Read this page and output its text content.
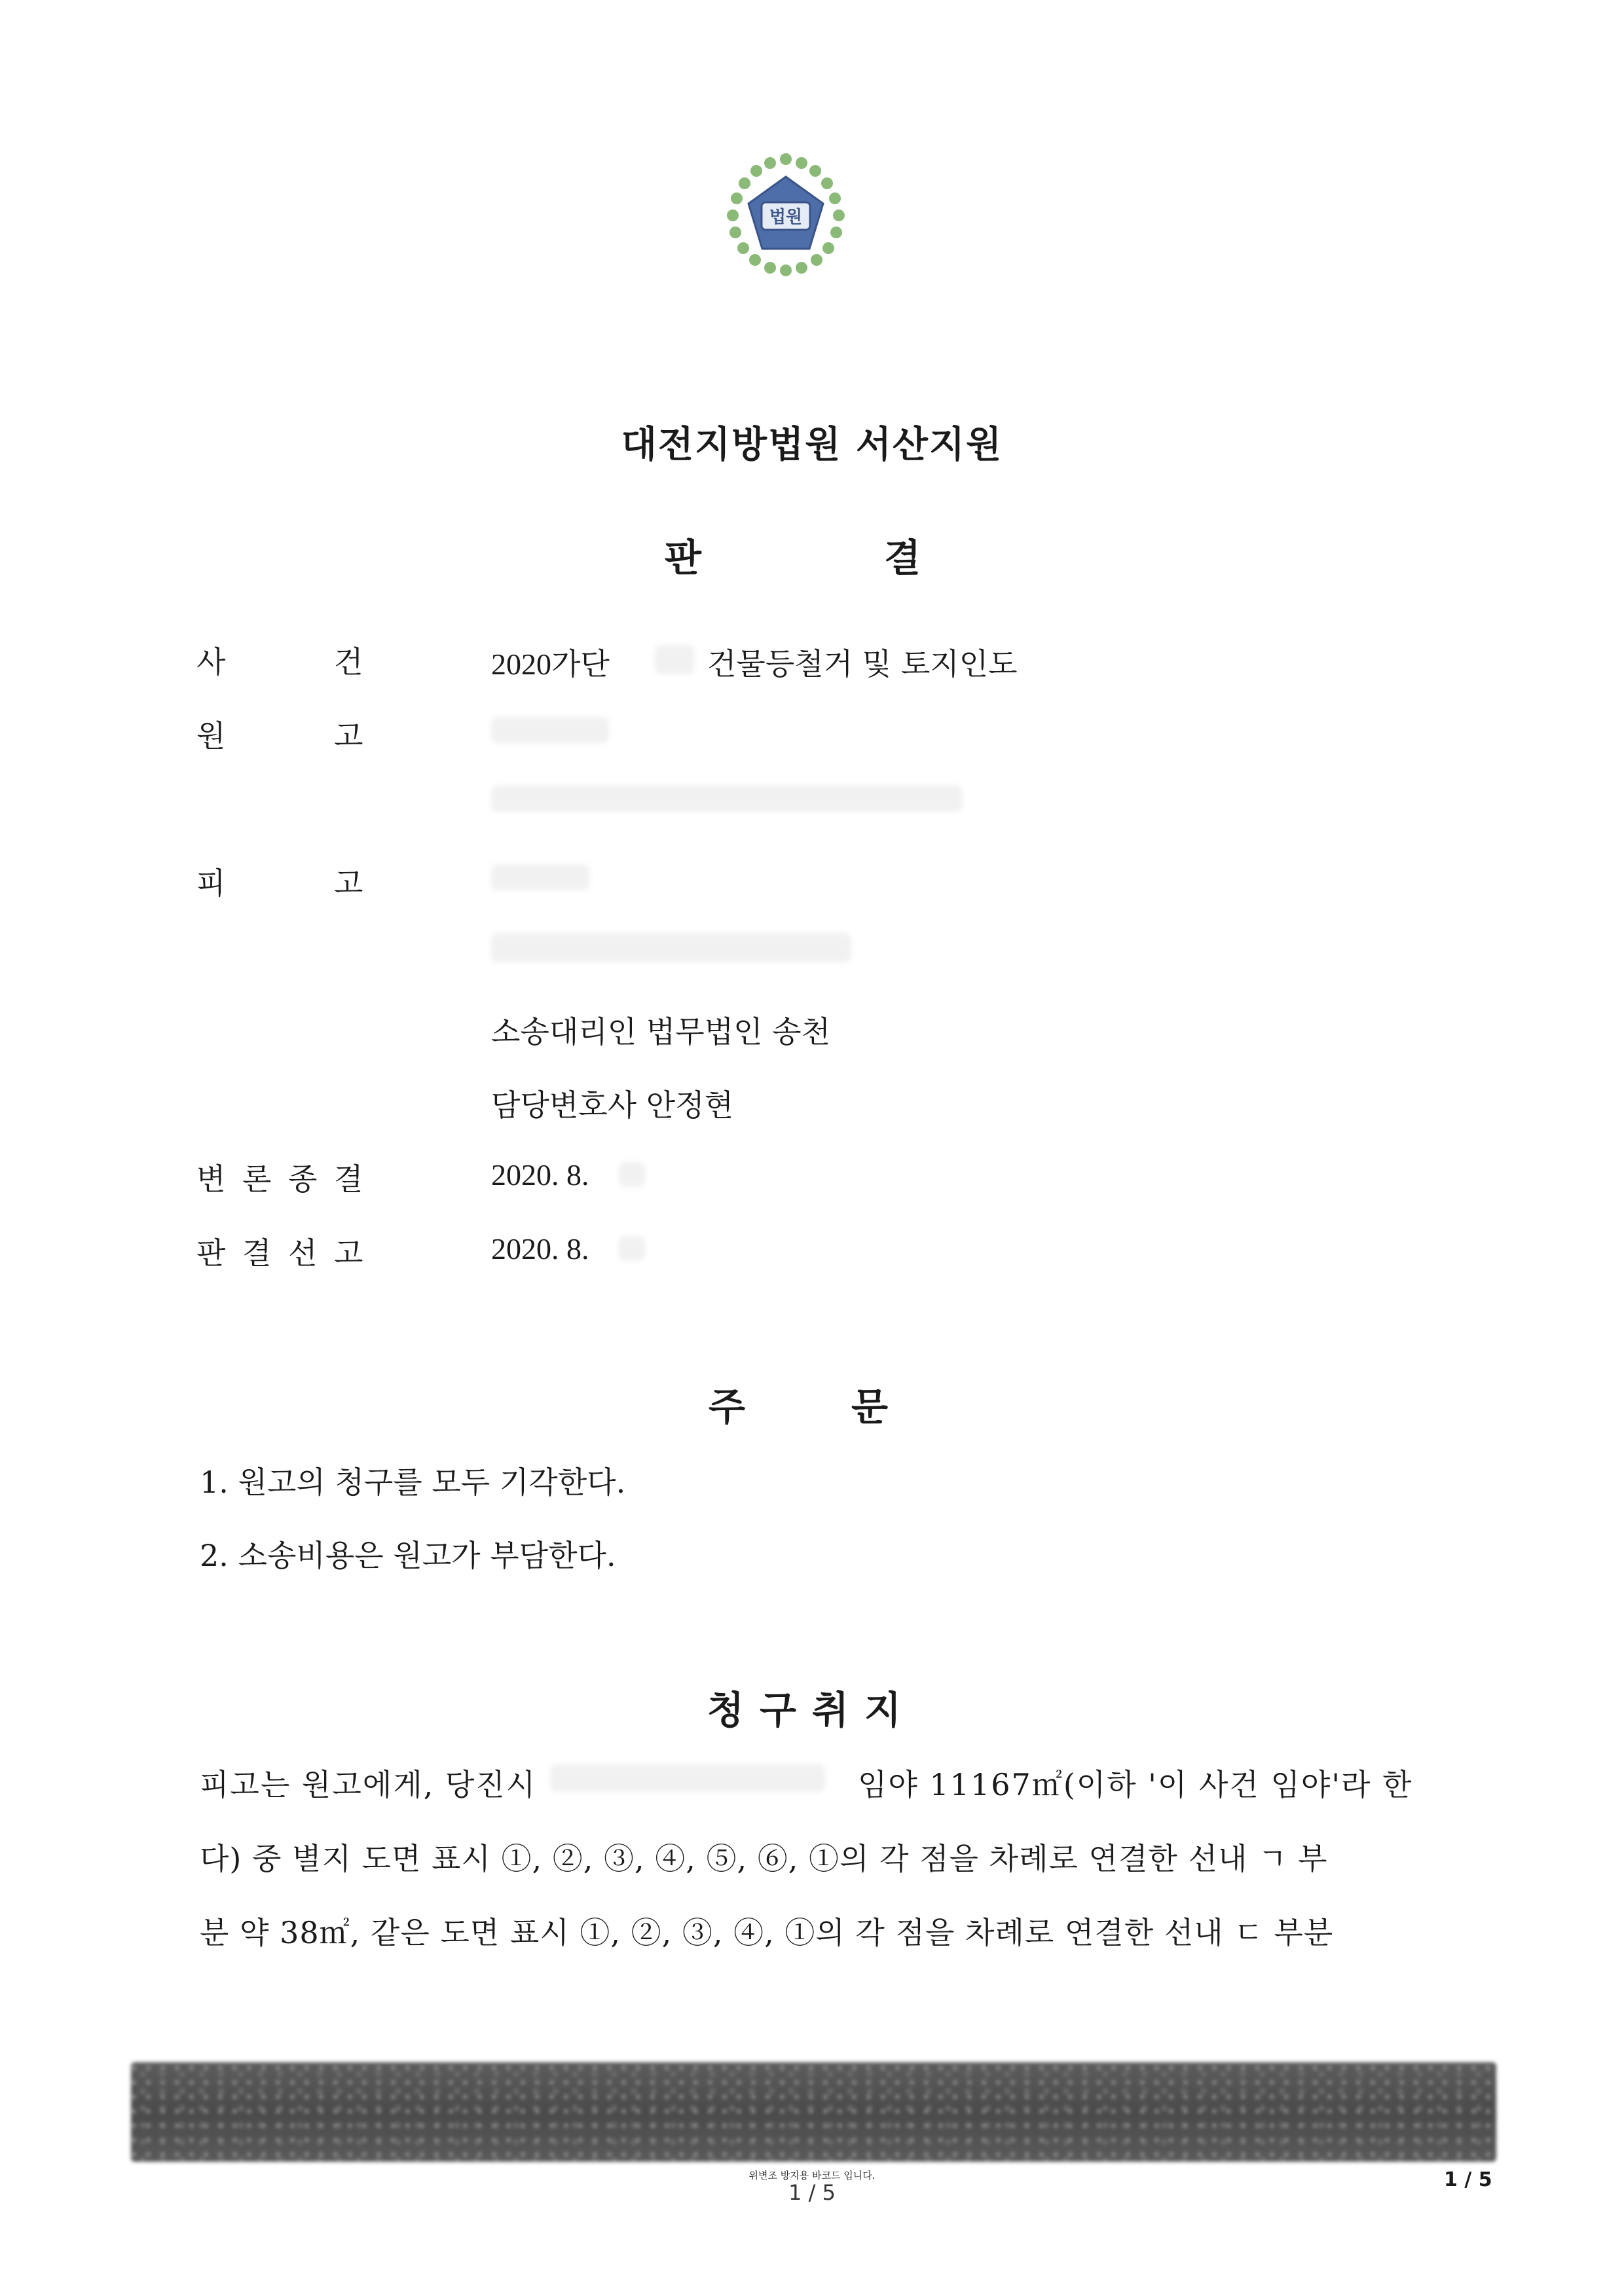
법원
대전지방법원 서산지원
판	결
사	건	2020가단	건물등철거 및 토지인도
원	고
피	고
소송대리인 법무법인 송천
담당변호사 안정현
변 론 종 결	2020. 8.
판 결 선 고	2020. 8.
주	문
1. 원고의 청구를 모두 기각한다.
2. 소송비용은 원고가 부담한다.
청 구 취 지
피고는 원고에게, 당진시	임야 11167㎡(이하 '이 사건 임야'라 한
다) 중 별지 도면 표시 ①, ②, ③, ④, ⑤, ⑥, ①의 각 점을 차례로 연결한 선내 ㄱ 부
분 약 38㎡, 같은 도면 표시 ①, ②, ③, ④, ①의 각 점을 차례로 연결한 선내 ㄷ 부분
위변조 방지용 바코드 입니다.
1 / 5
1 / 5
